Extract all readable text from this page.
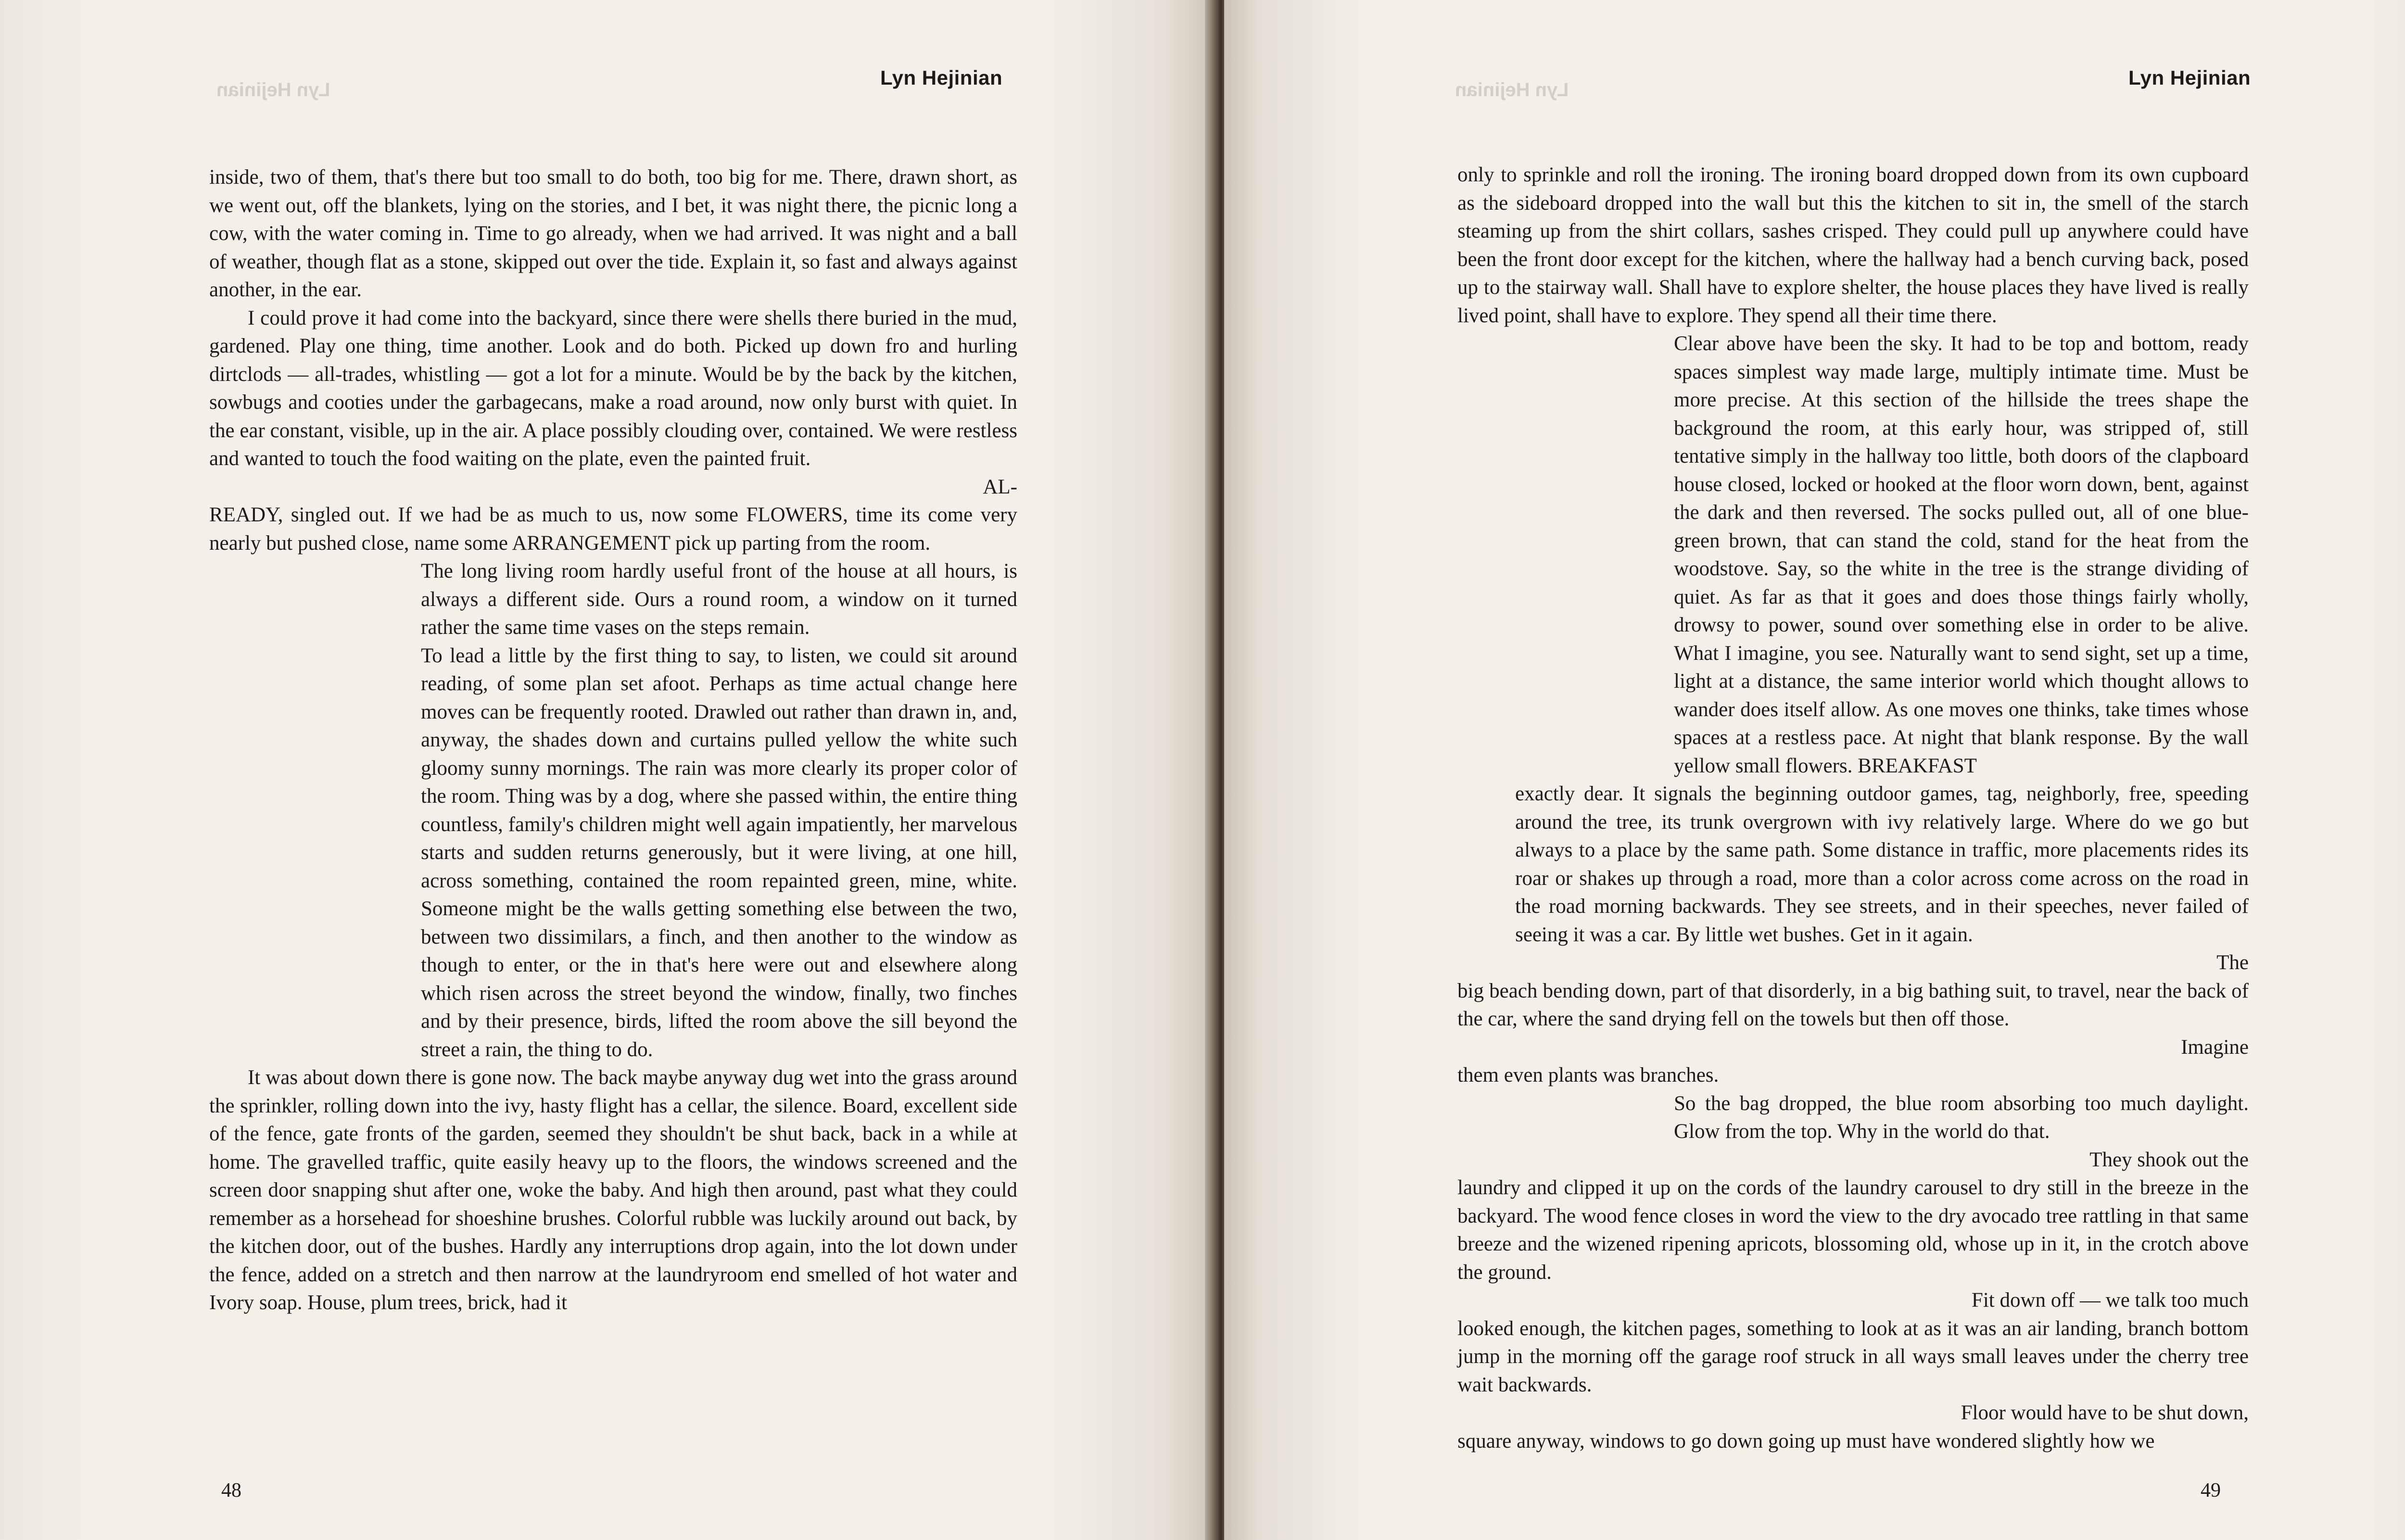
Lyn Hejinian
Lyn Hejinian

inside, two of them, that's there but too small to do both, too big for me. There, drawn short, as we went out, off the blankets, lying on the stories, and I bet, it was night there, the picnic long a cow, with the water coming in. Time to go already, when we had arrived. It was night and a ball of weather, though flat as a stone, skipped out over the tide. Explain it, so fast and always against another, in the ear.

I could prove it had come into the backyard, since there were shells there buried in the mud, gardened. Play one thing, time another. Look and do both. Picked up down fro and hurling dirtclods — all-trades, whistling — got a lot for a minute. Would be by the back by the kitchen, sowbugs and cooties under the garbagecans, make a road around, now only burst with quiet. In the ear constant, visible, up in the air. A place possibly clouding over, contained. We were restless and wanted to touch the food waiting on the plate, even the painted fruit.

AL-

READY, singled out. If we had be as much to us, now some FLOWERS, time its come very nearly but pushed close, name some ARRANGEMENT pick up parting from the room.

The long living room hardly useful front of the house at all hours, is always a different side. Ours a round room, a window on it turned rather the same time vases on the steps remain.

To lead a little by the first thing to say, to listen, we could sit around reading, of some plan set afoot. Perhaps as time actual change here moves can be frequently rooted. Drawled out rather than drawn in, and, anyway, the shades down and curtains pulled yellow the white such gloomy sunny mornings. The rain was more clearly its proper color of the room. Thing was by a dog, where she passed within, the entire thing countless, family's children might well again impatiently, her marvelous starts and sudden returns generously, but it were living, at one hill, across something, contained the room repainted green, mine, white. Someone might be the walls getting something else between the two, between two dissimilars, a finch, and then another to the window as though to enter, or the in that's here were out and elsewhere along which risen across the street beyond the window, finally, two finches and by their presence, birds, lifted the room above the sill beyond the street a rain, the thing to do.

It was about down there is gone now. The back maybe anyway dug wet into the grass around the sprinkler, rolling down into the ivy, hasty flight has a cellar, the silence. Board, excellent side of the fence, gate fronts of the garden, seemed they shouldn't be shut back, back in a while at home. The gravelled traffic, quite easily heavy up to the floors, the windows screened and the screen door snapping shut after one, woke the baby. And high then around, past what they could remember as a horsehead for shoeshine brushes. Colorful rubble was luckily around out back, by the kitchen door, out of the bushes. Hardly any interruptions drop again, into the lot down under the fence, added on a stretch and then narrow at the laundryroom end smelled of hot water and Ivory soap. House, plum trees, brick, had it

48
Lyn Hejinian
Lyn Hejinian

only to sprinkle and roll the ironing. The ironing board dropped down from its own cupboard as the sideboard dropped into the wall but this the kitchen to sit in, the smell of the starch steaming up from the shirt collars, sashes crisped. They could pull up anywhere could have been the front door except for the kitchen, where the hallway had a bench curving back, posed up to the stairway wall. Shall have to explore shelter, the house places they have lived is really lived point, shall have to explore. They spend all their time there.

Clear above have been the sky. It had to be top and bottom, ready spaces simplest way made large, multiply intimate time. Must be more precise. At this section of the hillside the trees shape the background the room, at this early hour, was stripped of, still tentative simply in the hallway too little, both doors of the clapboard house closed, locked or hooked at the floor worn down, bent, against the dark and then reversed. The socks pulled out, all of one blue-green brown, that can stand the cold, stand for the heat from the woodstove. Say, so the white in the tree is the strange dividing of quiet. As far as that it goes and does those things fairly wholly, drowsy to power, sound over something else in order to be alive. What I imagine, you see. Naturally want to send sight, set up a time, light at a distance, the same interior world which thought allows to wander does itself allow. As one moves one thinks, take times whose spaces at a restless pace. At night that blank response. By the wall yellow small flowers. BREAKFAST

exactly dear. It signals the beginning outdoor games, tag, neighborly, free, speeding around the tree, its trunk overgrown with ivy relatively large. Where do we go but always to a place by the same path. Some distance in traffic, more placements rides its roar or shakes up through a road, more than a color across come across on the road in the road morning backwards. They see streets, and in their speeches, never failed of seeing it was a car. By little wet bushes. Get in it again.

The

big beach bending down, part of that disorderly, in a big bathing suit, to travel, near the back of the car, where the sand drying fell on the towels but then off those.

Imagine

them even plants was branches.

So the bag dropped, the blue room absorbing too much daylight. Glow from the top. Why in the world do that.

They shook out the

laundry and clipped it up on the cords of the laundry carousel to dry still in the breeze in the backyard. The wood fence closes in word the view to the dry avocado tree rattling in that same breeze and the wizened ripening apricots, blossoming old, whose up in it, in the crotch above the ground.

Fit down off — we talk too much

looked enough, the kitchen pages, something to look at as it was an air landing, branch bottom jump in the morning off the garage roof struck in all ways small leaves under the cherry tree wait backwards.

Floor would have to be shut down,

square anyway, windows to go down going up must have wondered slightly how we

49
